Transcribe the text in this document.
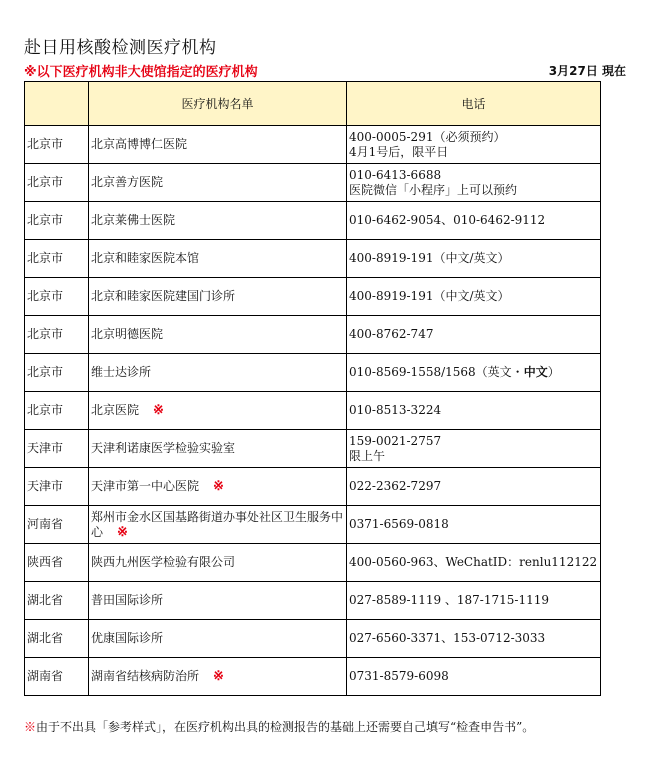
赴日用核酸检测医疗机构
※以下医疗机构非大使馆指定的医疗机构	3月27日 現在
	医疗机构名单	电话
北京市	北京高博博仁医院	400-0005-291（必须预约）
4月1号后，限平日

北京市	北京善方医院	010-6413-6688
医院微信「小程序」上可以预约

北京市	北京莱佛士医院	010-6462-9054、010-6462-9112

北京市	北京和睦家医院本馆	400-8919-191（中文/英文）

北京市	北京和睦家医院建国门诊所	400-8919-191（中文/英文）

北京市	北京明德医院	400-8762-747

北京市	维士达诊所	010-8569-1558/1568（英文・中文）

北京市	北京医院 ※	010-8513-3224

天津市	天津利诺康医学检验实验室	159-0021-2757
限上午

天津市	天津市第一中心医院 ※	022-2362-7297

河南省	郑州市金水区国基路街道办事处社区卫生服务中心 ※	0371-6569-0818

陕西省	陕西九州医学检验有限公司	400-0560-963、WeChatID：renlu112122

湖北省	普田国际诊所	027-8589-1119 、187-1715-1119

湖北省	优康国际诊所	027-6560-3371、153-0712-3033

湖南省	湖南省结核病防治所 ※	0731-8579-6098
※由于不出具「参考样式」，在医疗机构出具的检测报告的基础上还需要自己填写“检查申告书”。
